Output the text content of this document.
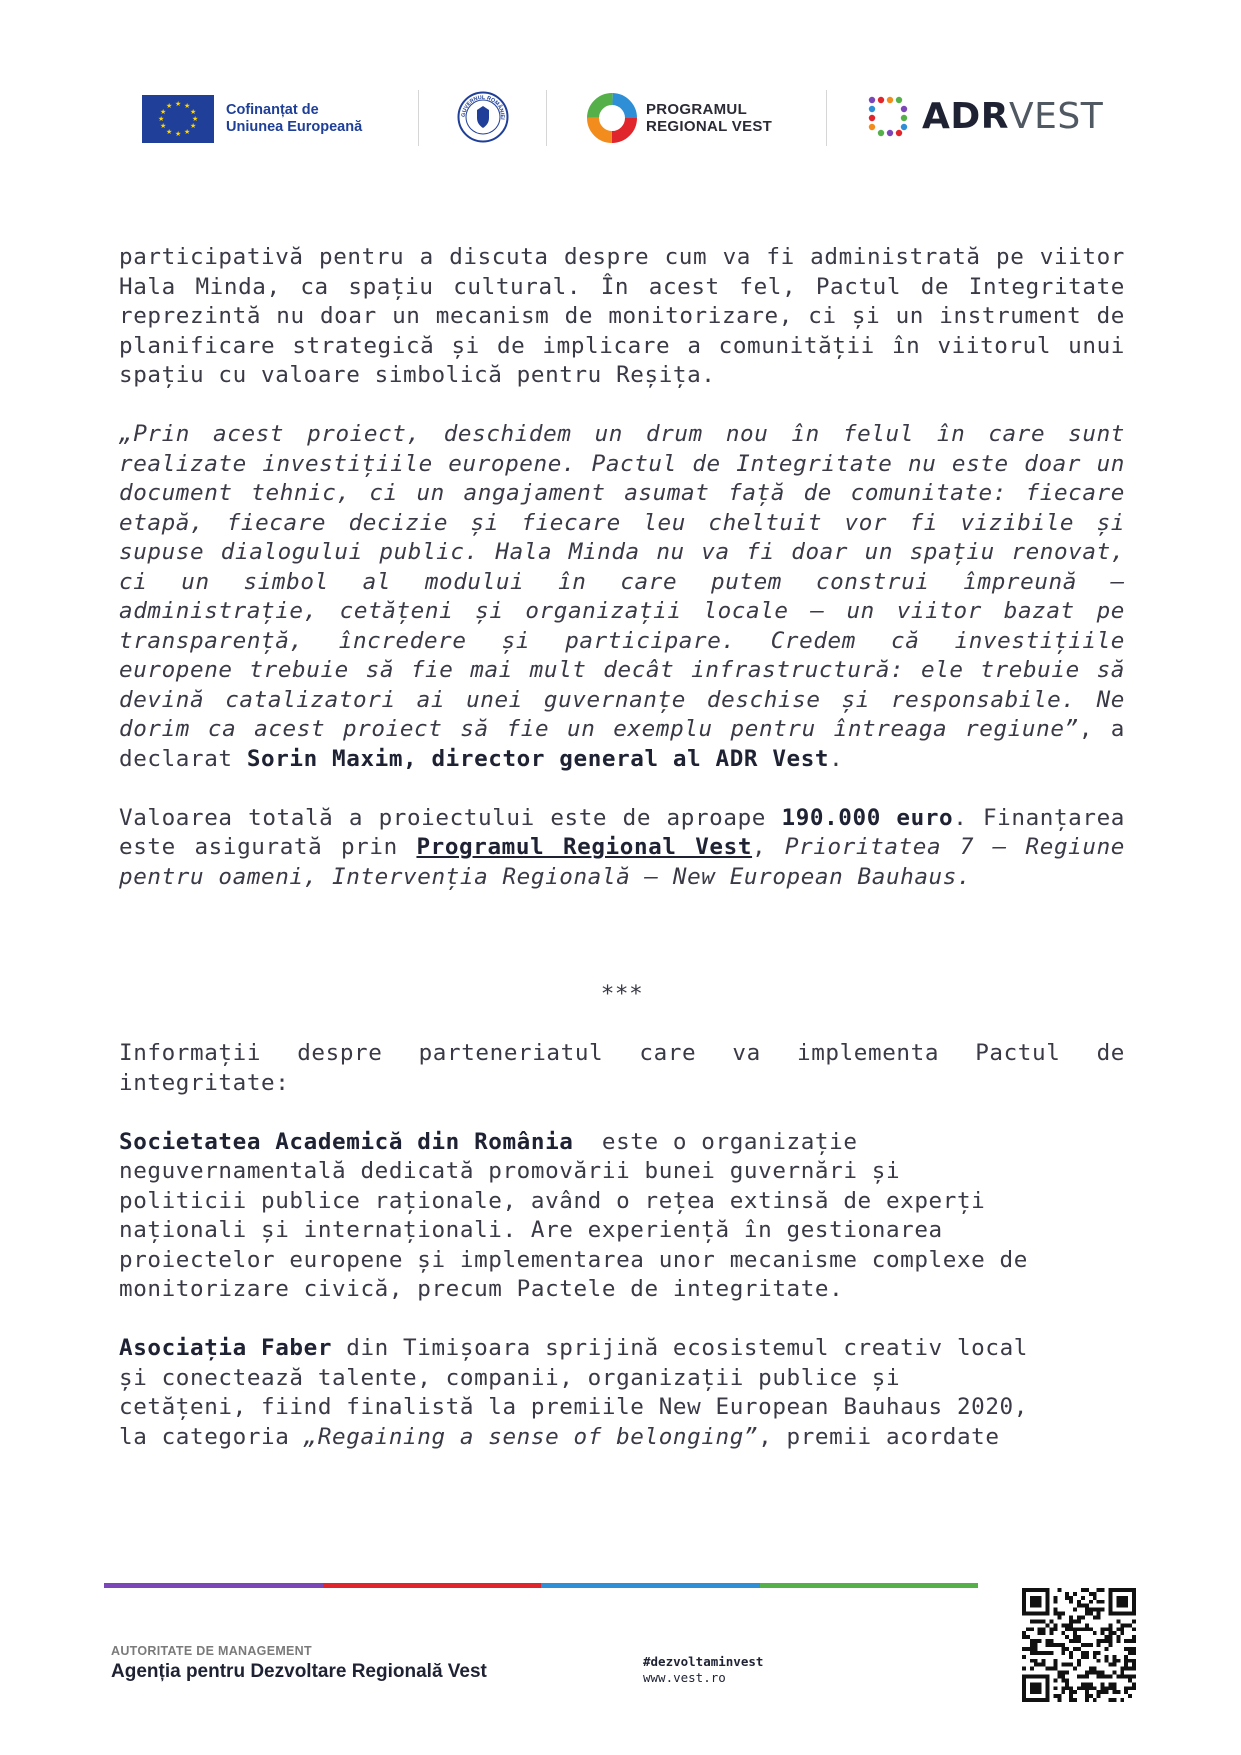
★ ★
★
★
★
★
★
★
★
★
★
★	Cofinanțat de
Uniunea Europeană
GUVERNUL ROMÂNIEI
PROGRAMUL
REGIONAL VEST	ADRVEST

participativă pentru a discuta despre cum va fi administrată pe viitor Hala Minda, ca spațiu cultural. În acest fel, Pactul de Integritate reprezintă nu doar un mecanism de monitorizare, ci și un instrument de planificare strategică și de implicare a comunității în viitorul unui spațiu cu valoare simbolică pentru Reșița.

„Prin acest proiect, deschidem un drum nou în felul în care sunt realizate investițiile europene. Pactul de Integritate nu este doar un document tehnic, ci un angajament asumat față de comunitate: fiecare etapă, fiecare decizie și fiecare leu cheltuit vor fi vizibile și supuse dialogului public. Hala Minda nu va fi doar un spațiu renovat, ci un simbol al modului în care putem construi împreună – administrație, cetățeni și organizații locale – un viitor bazat pe transparență, încredere și participare. Credem că investițiile europene trebuie să fie mai mult decât infrastructură: ele trebuie să devină catalizatori ai unei guvernanțe deschise și responsabile. Ne dorim ca acest proiect să fie un exemplu pentru întreaga regiune”, a declarat Sorin Maxim, director general al ADR Vest.

Valoarea totală a proiectului este de aproape 190.000 euro. Finanțarea este asigurată prin Programul Regional Vest, Prioritatea 7 – Regiune pentru oameni, Intervenția Regională – New European Bauhaus.

***

Informații despre parteneriatul care va implementa Pactul de integritate:

Societatea Academică din România  este o organizație
neguvernamentală dedicată promovării bunei guvernări și
politicii publice raționale, având o rețea extinsă de experți
naționali și internaționali. Are experiență în gestionarea
proiectelor europene și implementarea unor mecanisme complexe de
monitorizare civică, precum Pactele de integritate.

Asociația Faber din Timișoara sprijină ecosistemul creativ local
și conectează talente, companii, organizații publice și
cetățeni, fiind finalistă la premiile New European Bauhaus 2020,
la categoria „Regaining a sense of belonging”, premii acordate

AUTORITATE DE MANAGEMENT
Agenția pentru Dezvoltare Regională Vest	#dezvoltaminvest
www.vest.ro
